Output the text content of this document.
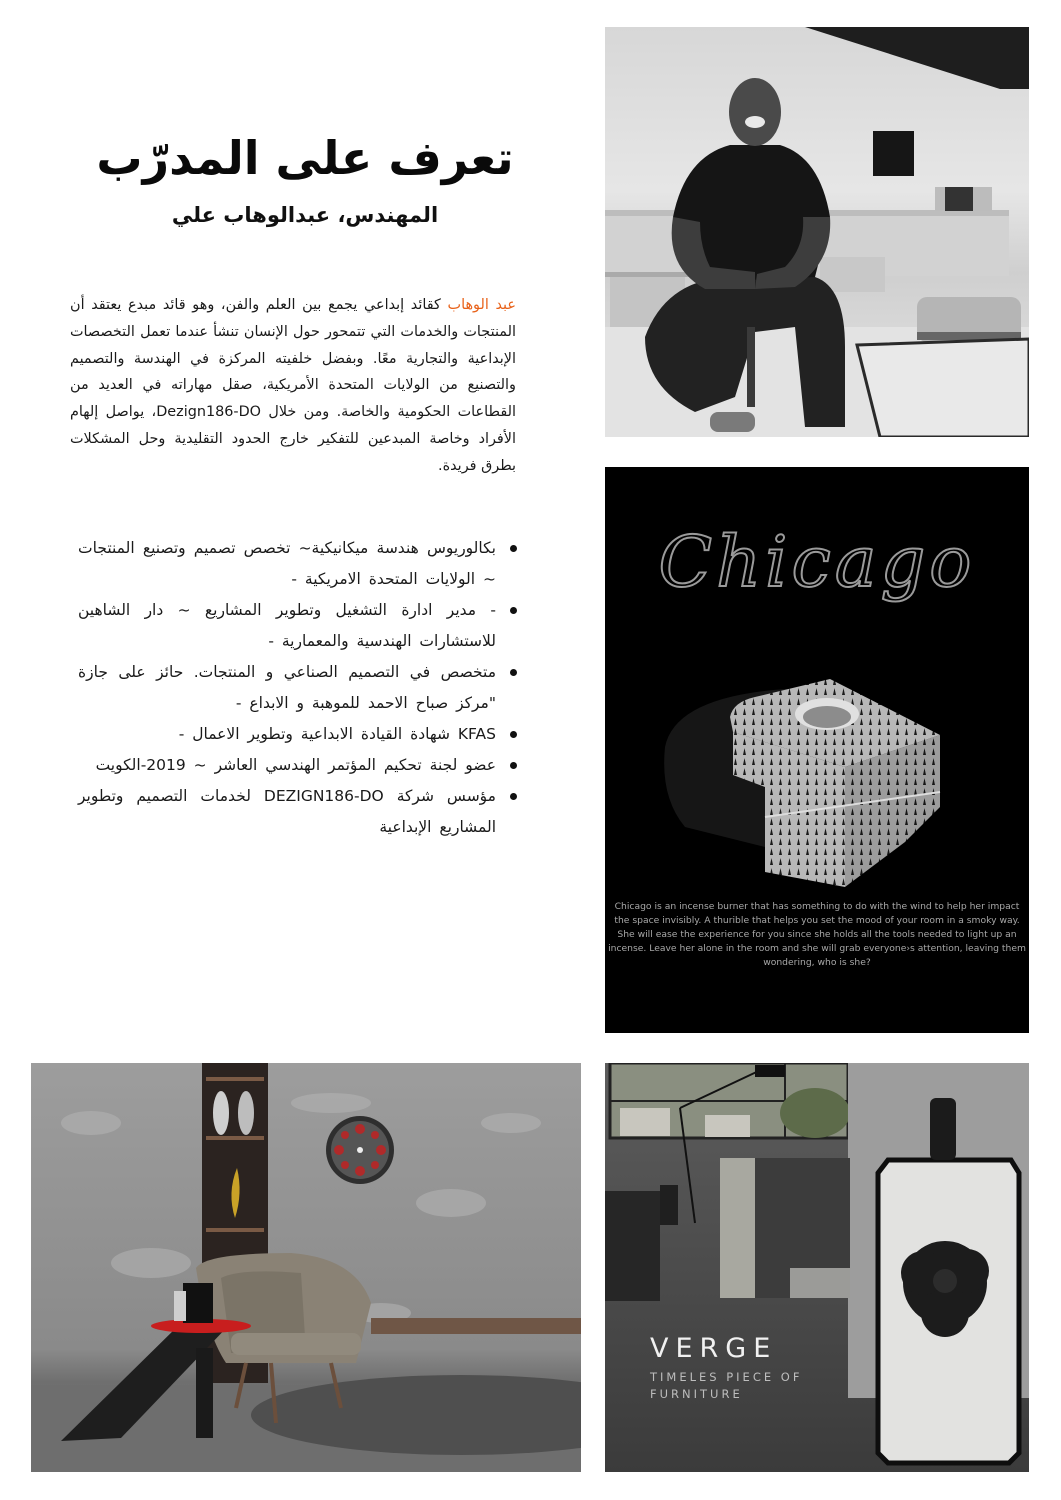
تعرف على المدرّب
المهندس، عبدالوهاب علي

عبد الوهاب كقائد إبداعي يجمع بين العلم والفن، وهو قائد مبدع يعتقد أن المنتجات والخدمات التي تتمحور حول الإنسان تنشأ عندما تعمل التخصصات الإبداعية والتجارية معًا. وبفضل خلفيته المركزة في الهندسة والتصميم والتصنيع من الولايات المتحدة الأمريكية، صقل مهاراته في العديد من القطاعات الحكومية والخاصة. ومن خلال Dezign186-DO، يواصل إلهام الأفراد وخاصة المبدعين للتفكير خارج الحدود التقليدية وحل المشكلات بطرق فريدة.

بكالوريوس هندسة ميكانيكية~ تخصص تصميم وتصنيع المنتجات ~ الولايات المتحدة الامريكية -
- مدير ادارة التشغيل وتطوير المشاريع ~ دار الشاهين للاستشارات الهندسية والمعمارية -
متخصص في التصميم الصناعي و المنتجات. حائز على جازة "مركز صباح الاحمد للموهبة و الابداع -
KFAS شهادة القيادة الابداعية وتطوير الاعمال -
عضو لجنة تحكيم المؤتمر الهندسي العاشر ~ 2019-الكويت
مؤسس شركة DEZIGN186-DO لخدمات التصميم وتطوير المشاريع الإبداعية
Chicago

Chicago is an incense burner that has something to do with the wind to help her impact the space invisibly. A thurible that helps you set the mood of your room in a smoky way. She will ease the experience for you since she holds all the tools needed to light up an incense. Leave her alone in the room and she will grab everyone›s attention, leaving them wondering, who is she?

VERGE
TIMELES PIECE OF FURNITURE
